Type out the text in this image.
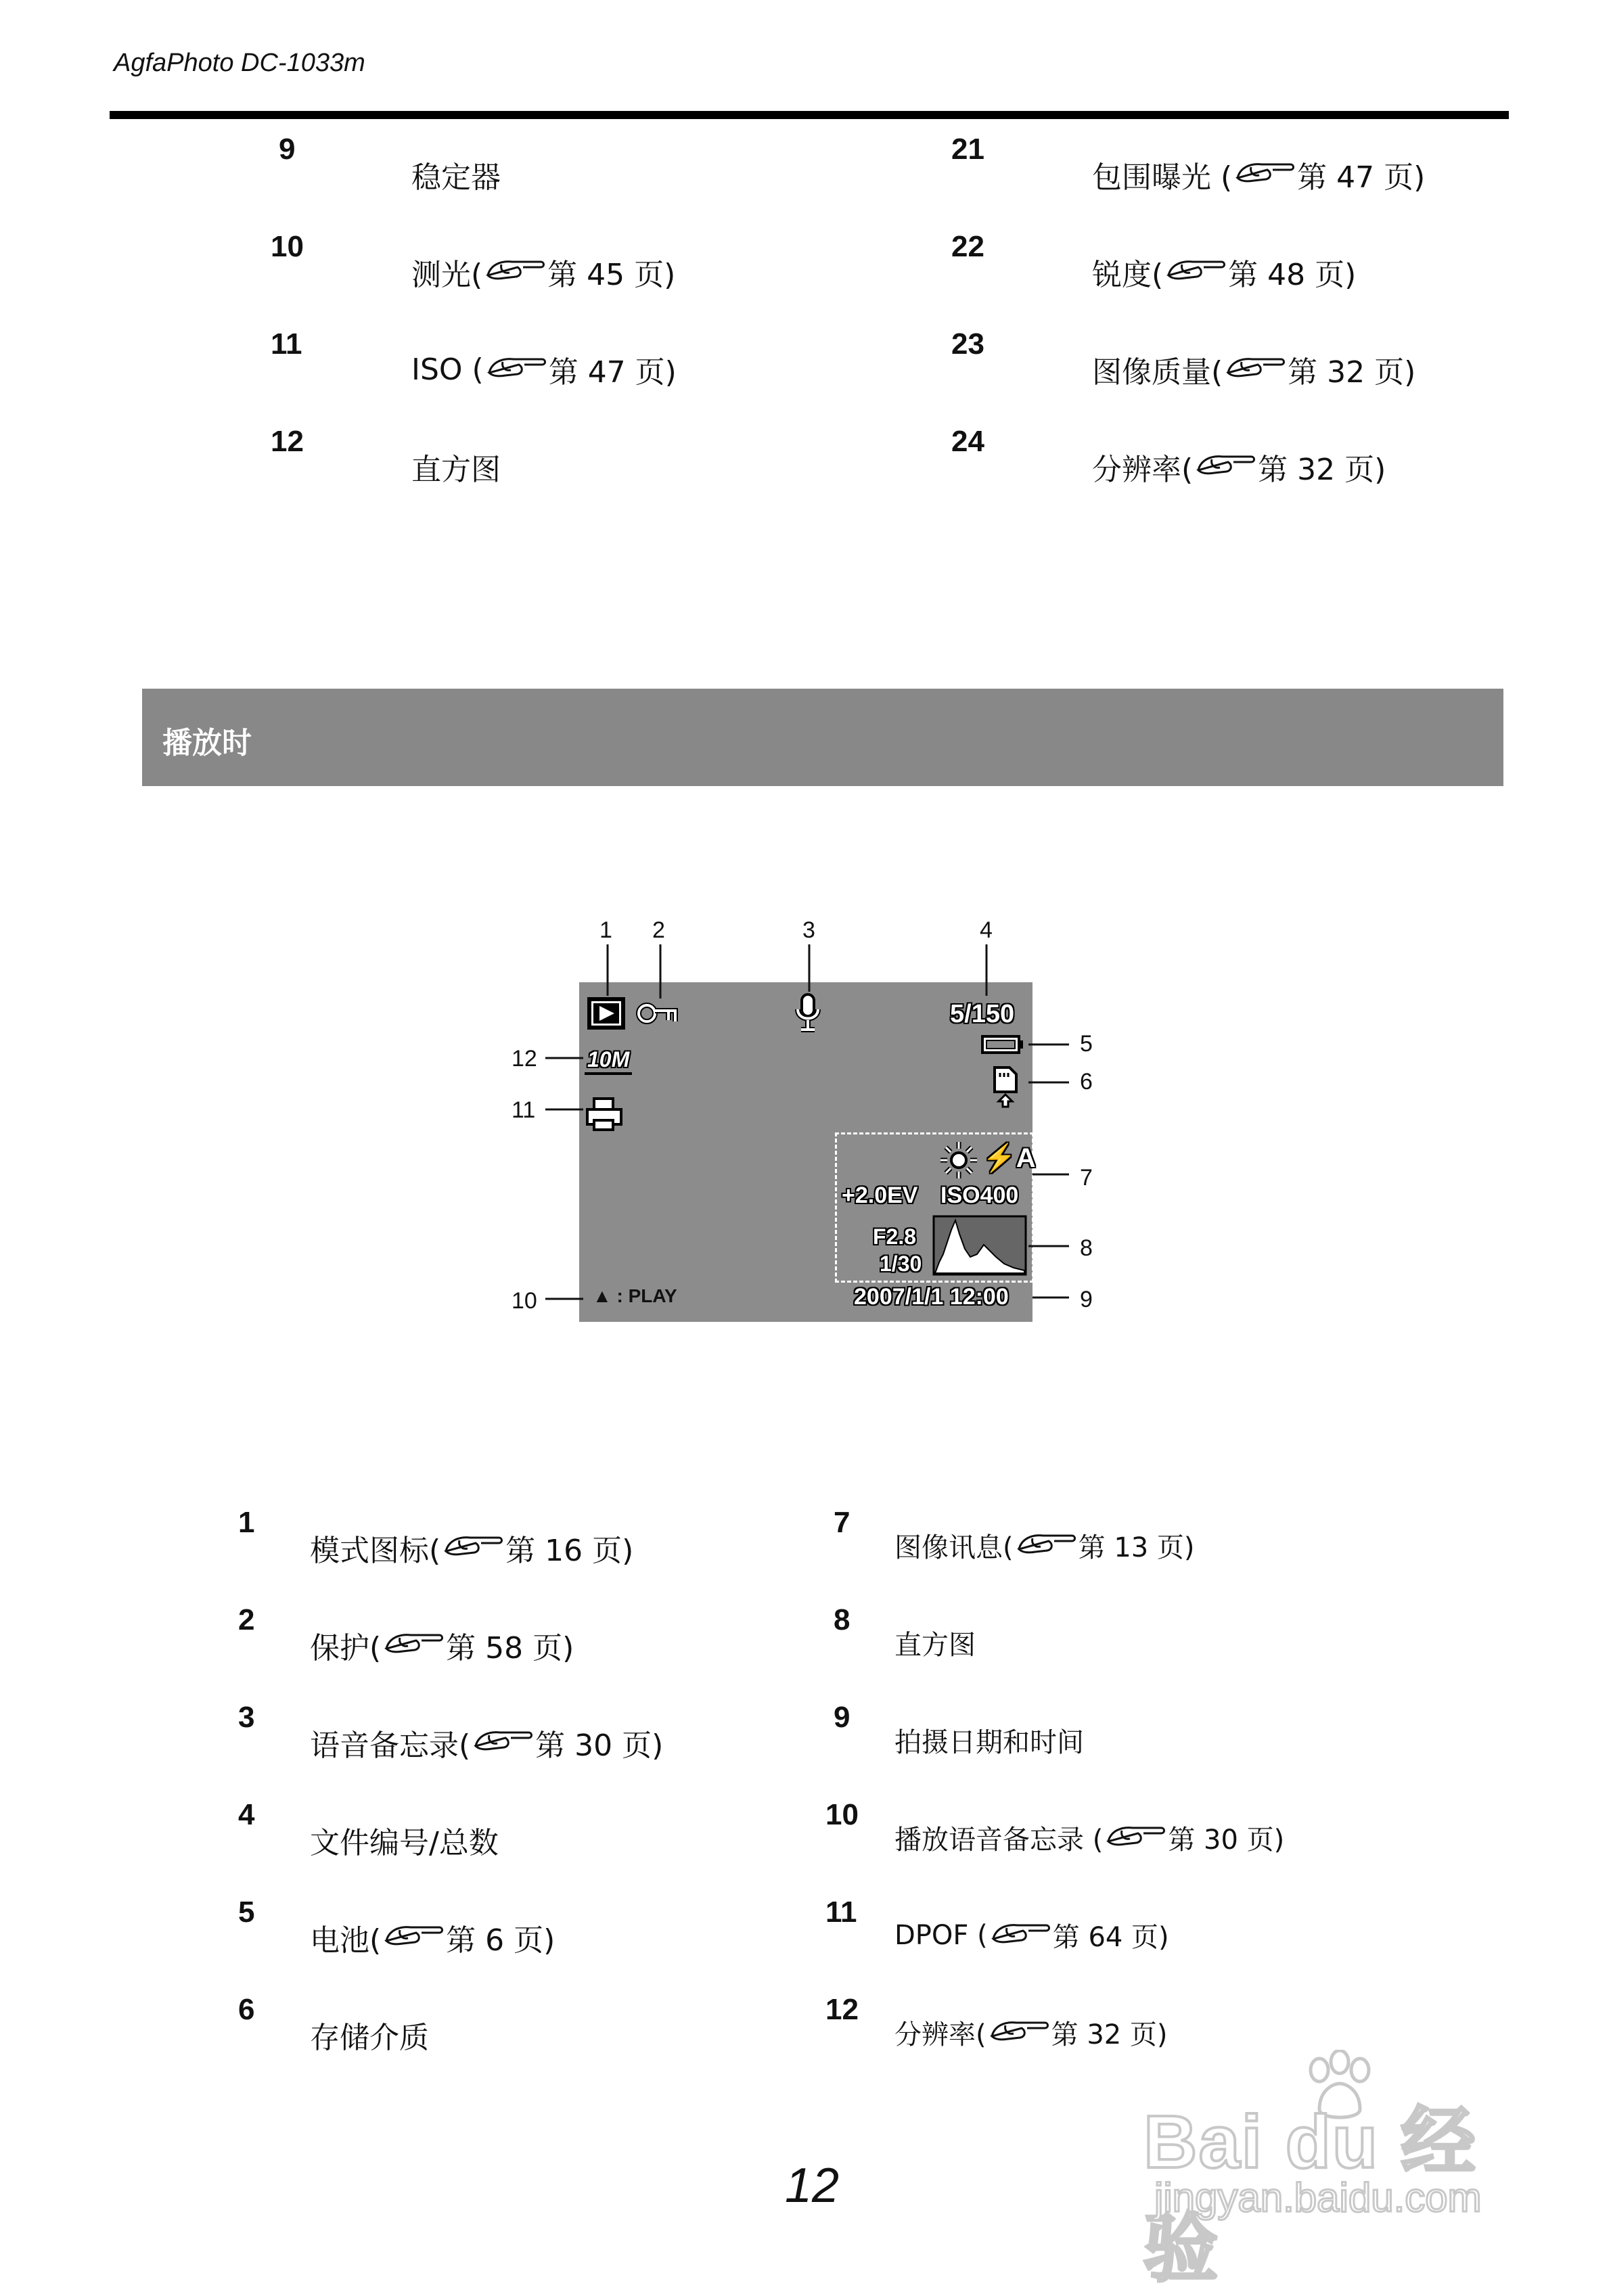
AgfaPhoto DC-1033m
9
稳定器
10
测光( 第 45 页)
11
ISO ( 第 47 页)
12
直方图
21
包围曝光 ( 第 47 页)
22
锐度( 第 48 页)
23
图像质量( 第 32 页)
24
分辨率( 第 32 页)
播放时
5/150
10M
⚡A
+2.0EV ISO400
F2.8
1/30
▲ : PLAY	2007/1/1 12:00
1 2	3	4
5
6
7
8
9
10
11
12
1
模式图标( 第 16 页)
2
保护( 第 58 页)
3
语音备忘录( 第 30 页)
4
文件编号/总数
5
电池( 第 6 页)
6
存储介质
7
图像讯息( 第 13 页)
8
直方图
9
拍摄日期和时间
10
播放语音备忘录 ( 第 30 页)
11
DPOF ( 第 64 页)
12
分辨率( 第 32 页)
12
Bai du 经验
jingyan.baidu.com
